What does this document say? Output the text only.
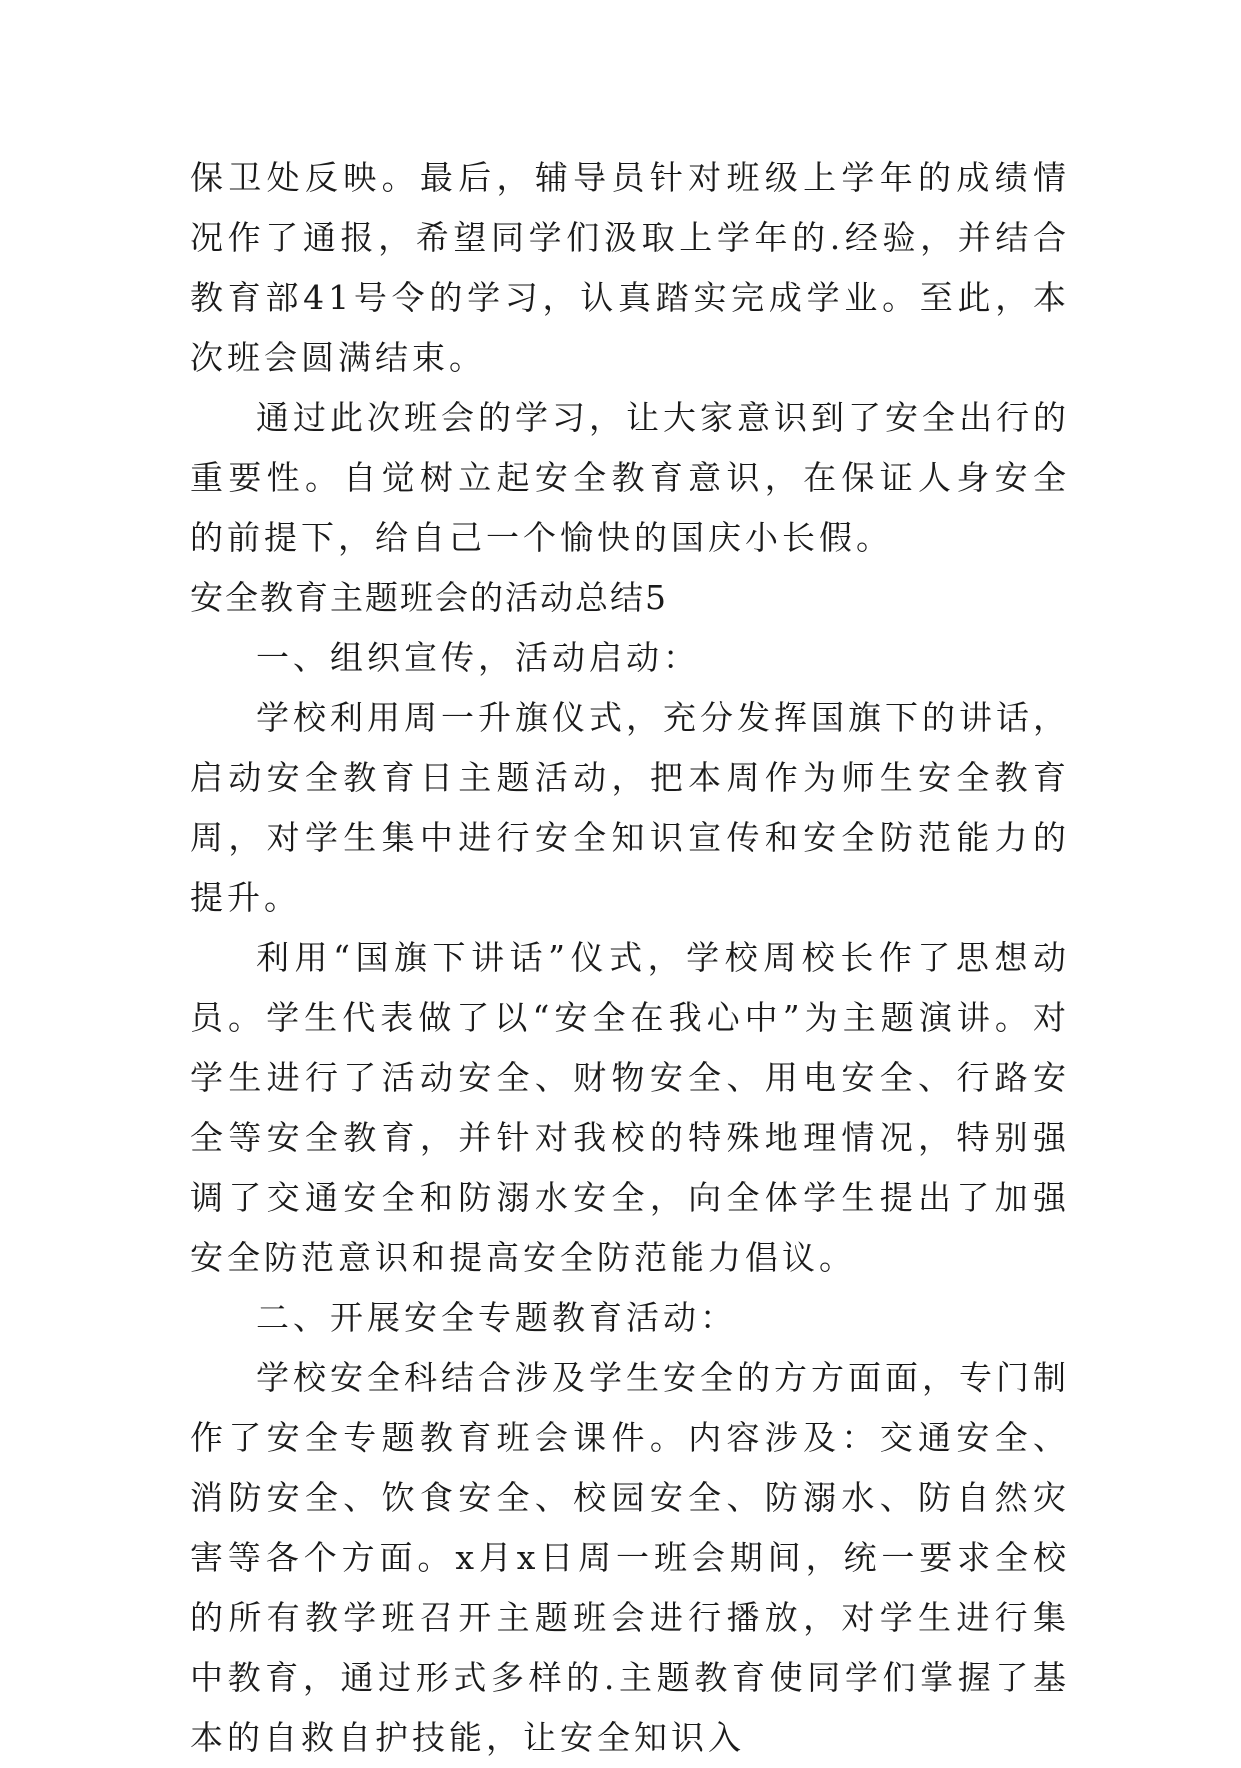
保卫处反映。最后，辅导员针对班级上学年的成绩情况作了通报，希望同学们汲取上学年的.经验，并结合教育部41号令的学习，认真踏实完成学业。至此，本次班会圆满结束。

通过此次班会的学习，让大家意识到了安全出行的重要性。自觉树立起安全教育意识，在保证人身安全的前提下，给自己一个愉快的国庆小长假。

安全教育主题班会的活动总结5

一、组织宣传，活动启动：

学校利用周一升旗仪式，充分发挥国旗下的讲话，启动安全教育日主题活动，把本周作为师生安全教育周，对学生集中进行安全知识宣传和安全防范能力的提升。

利用“国旗下讲话”仪式，学校周校长作了思想动员。学生代表做了以“安全在我心中”为主题演讲。对学生进行了活动安全、财物安全、用电安全、行路安全等安全教育，并针对我校的特殊地理情况，特别强调了交通安全和防溺水安全，向全体学生提出了加强安全防范意识和提高安全防范能力倡议。

二、开展安全专题教育活动：

学校安全科结合涉及学生安全的方方面面，专门制作了安全专题教育班会课件。内容涉及：交通安全、消防安全、饮食安全、校园安全、防溺水、防自然灾害等各个方面。x月x日周一班会期间，统一要求全校的所有教学班召开主题班会进行播放，对学生进行集中教育，通过形式多样的.主题教育使同学们掌握了基本的自救自护技能，让安全知识入
